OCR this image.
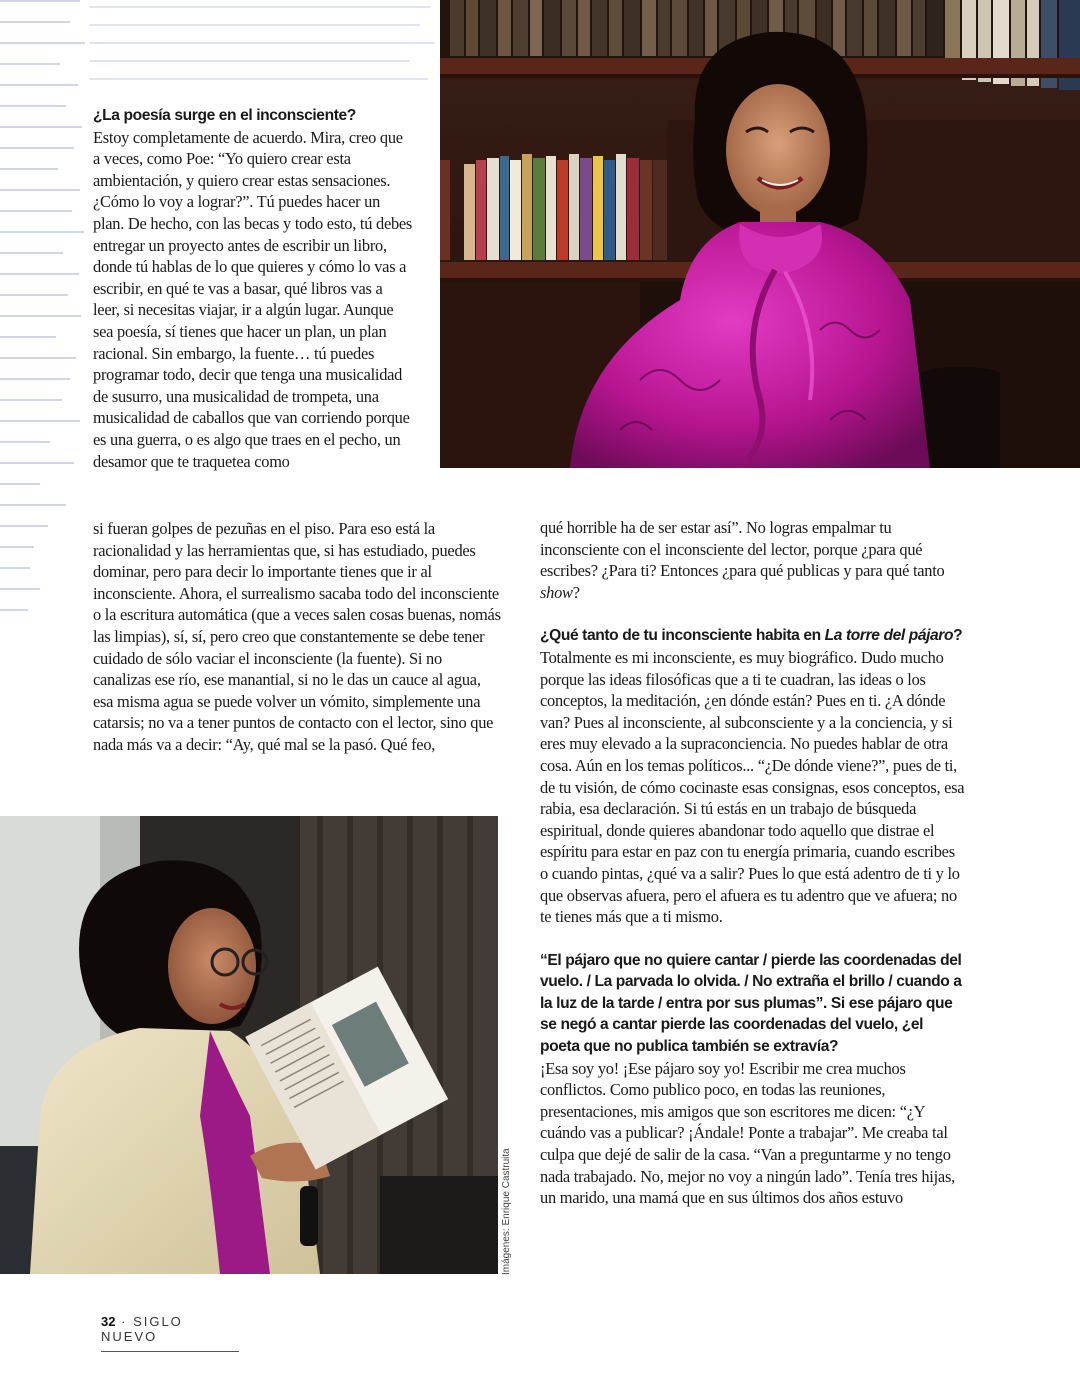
Imágenes: Enrique Castruita

¿La poesía surge en el inconsciente?

Estoy completamente de acuerdo. Mira, creo que a veces, como Poe: “Yo quiero crear esta ambientación, y quiero crear estas sensaciones. ¿Cómo lo voy a lograr?”. Tú puedes hacer un plan. De hecho, con las becas y todo esto, tú debes entregar un proyecto antes de escribir un libro, donde tú hablas de lo que quieres y cómo lo vas a escribir, en qué te vas a basar, qué libros vas a leer, si necesitas viajar, ir a algún lugar. Aunque sea poesía, sí tienes que hacer un plan, un plan racional. Sin embargo, la fuente… tú puedes programar todo, decir que tenga una musicalidad de susurro, una musicalidad de trompeta, una musicalidad de caballos que van corriendo porque es una guerra, o es algo que traes en el pecho, un desamor que te traquetea como

si fueran golpes de pezuñas en el piso. Para eso está la racionalidad y las herramientas que, si has estudiado, puedes dominar, pero para decir lo importante tienes que ir al inconsciente. Ahora, el surrealismo sacaba todo del inconsciente o la escritura automática (que a veces salen cosas buenas, nomás las limpias), sí, sí, pero creo que constantemente se debe tener cuidado de sólo vaciar el inconsciente (la fuente). Si no canalizas ese río, ese manantial, si no le das un cauce al agua, esa misma agua se puede volver un vómito, simplemente una catarsis; no va a tener puntos de contacto con el lector, sino que nada más va a decir: “Ay, qué mal se la pasó. Qué feo,

qué horrible ha de ser estar así”. No logras empalmar tu inconsciente con el inconsciente del lector, porque ¿para qué escribes? ¿Para ti? Entonces ¿para qué publicas y para qué tanto show?

¿Qué tanto de tu inconsciente habita en La torre del pájaro?

Totalmente es mi inconsciente, es muy biográfico. Dudo mucho porque las ideas filosóficas que a ti te cuadran, las ideas o los conceptos, la meditación, ¿en dónde están? Pues en ti. ¿A dónde van? Pues al inconsciente, al subconsciente y a la conciencia, y si eres muy elevado a la supraconciencia. No puedes hablar de otra cosa. Aún en los temas políticos... “¿De dónde viene?”, pues de ti, de tu visión, de cómo cocinaste esas consignas, esos conceptos, esa rabia, esa declaración. Si tú estás en un trabajo de búsqueda espiritual, donde quieres abandonar todo aquello que distrae el espíritu para estar en paz con tu energía primaria, cuando escribes o cuando pintas, ¿qué va a salir? Pues lo que está adentro de ti y lo que observas afuera, pero el afuera es tu adentro que ve afuera; no te tienes más que a ti mismo.

“El pájaro que no quiere cantar / pierde las coordenadas del vuelo. / La parvada lo olvida. / No extraña el brillo / cuando a la luz de la tarde / entra por sus plumas”. Si ese pájaro que se negó a cantar pierde las coordenadas del vuelo, ¿el poeta que no publica también se extravía?

¡Esa soy yo! ¡Ese pájaro soy yo! Escribir me crea muchos conflictos. Como publico poco, en todas las reuniones, presentaciones, mis amigos que son escritores me dicen: “¿Y cuándo vas a publicar? ¡Ándale! Ponte a trabajar”. Me creaba tal culpa que dejé de salir de la casa. “Van a preguntarme y no tengo nada trabajado. No, mejor no voy a ningún lado”. Tenía tres hijas, un marido, una mamá que en sus últimos dos años estuvo

32 · SIGLO NUEVO
